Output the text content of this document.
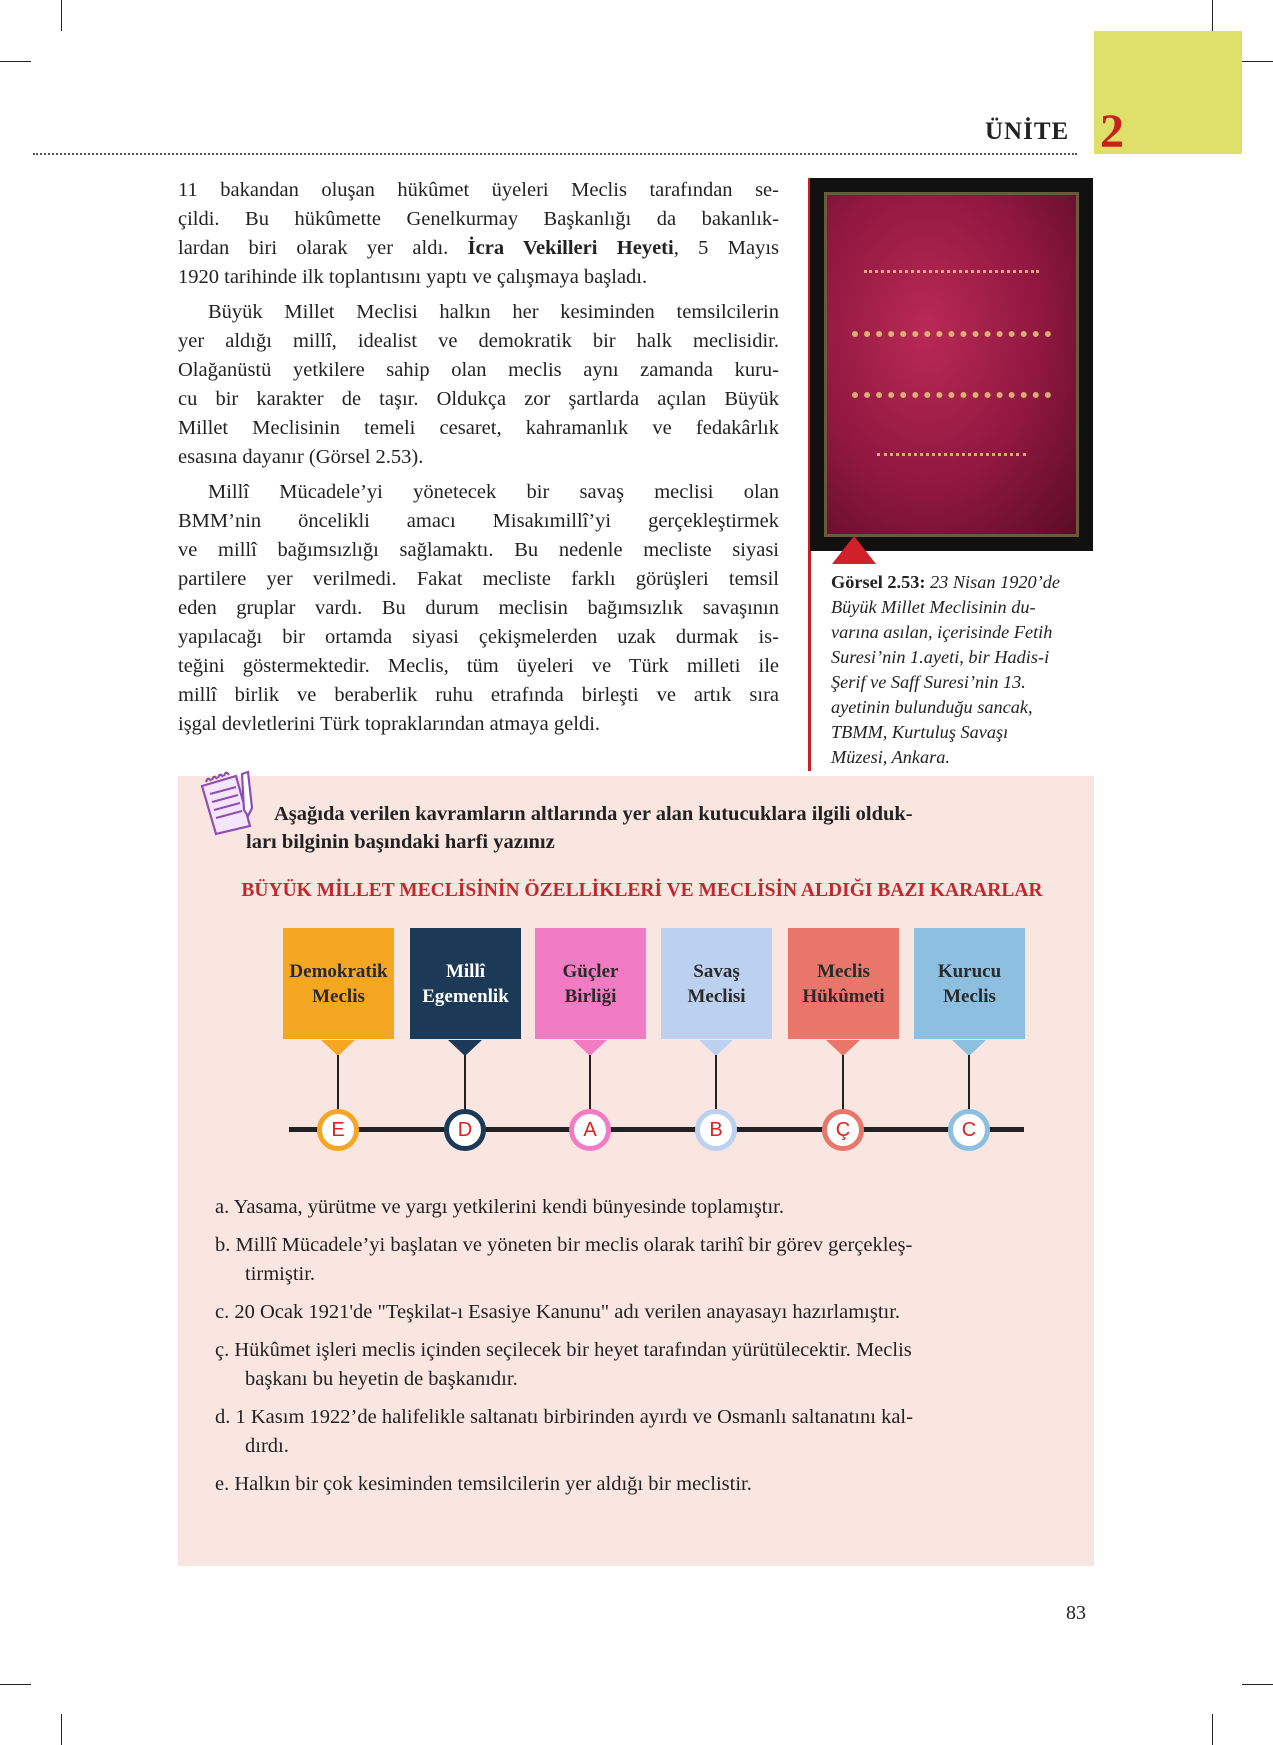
ÜNİTE 2
11 bakandan oluşan hükûmet üyeleri Meclis tarafından se-
çildi. Bu hükûmette Genelkurmay Başkanlığı da bakanlık-
lardan biri olarak yer aldı. İcra Vekilleri Heyeti, 5 Mayıs
1920 tarihinde ilk toplantısını yaptı ve çalışmaya başladı.
Büyük Millet Meclisi halkın her kesiminden temsilcilerin
yer aldığı millî, idealist ve demokratik bir halk meclisidir.
Olağanüstü yetkilere sahip olan meclis aynı zamanda kuru-
cu bir karakter de taşır. Oldukça zor şartlarda açılan Büyük
Millet Meclisinin temeli cesaret, kahramanlık ve fedakârlık
esasına dayanır (Görsel 2.53).
Millî Mücadele’yi yönetecek bir savaş meclisi olan
BMM’nin öncelikli amacı Misakımillî’yi gerçekleştirmek
ve millî bağımsızlığı sağlamaktı. Bu nedenle mecliste siyasi
partilere yer verilmedi. Fakat mecliste farklı görüşleri temsil
eden gruplar vardı. Bu durum meclisin bağımsızlık savaşının
yapılacağı bir ortamda siyasi çekişmelerden uzak durmak is-
teğini göstermektedir. Meclis, tüm üyeleri ve Türk milleti ile
millî birlik ve beraberlik ruhu etrafında birleşti ve artık sıra
işgal devletlerini Türk topraklarından atmaya geldi.
Görsel 2.53: 23 Nisan 1920’de
Büyük Millet Meclisinin du-
varına asılan, içerisinde Fetih
Suresi’nin 1.ayeti, bir Hadis-i
Şerif ve Saff Suresi’nin 13.
ayetinin bulunduğu sancak,
TBMM, Kurtuluş Savaşı
Müzesi, Ankara.
Aşağıda verilen kavramların altlarında yer alan kutucuklara ilgili olduk-
ları bilginin başındaki harfi yazınız
BÜYÜK MİLLET MECLİSİNİN ÖZELLİKLERİ VE MECLİSİN ALDIĞI BAZI KARARLAR
Demokratik
Meclis
E
Millî
Egemenlik
D
Güçler
Birliği
A
Savaş
Meclisi
B
Meclis
Hükûmeti
Ç
Kurucu
Meclis
C
a. Yasama, yürütme ve yargı yetkilerini kendi bünyesinde toplamıştır.
b. Millî Mücadele’yi başlatan ve yöneten bir meclis olarak tarihî bir görev gerçekleş-
tirmiştir.
c. 20 Ocak 1921'de "Teşkilat-ı Esasiye Kanunu" adı verilen anayasayı hazırlamıştır.
ç. Hükûmet işleri meclis içinden seçilecek bir heyet tarafından yürütülecektir. Meclis
başkanı bu heyetin de başkanıdır.
d. 1 Kasım 1922’de halifelikle saltanatı birbirinden ayırdı ve Osmanlı saltanatını kal-
dırdı.
e. Halkın bir çok kesiminden temsilcilerin yer aldığı bir meclistir.
83
